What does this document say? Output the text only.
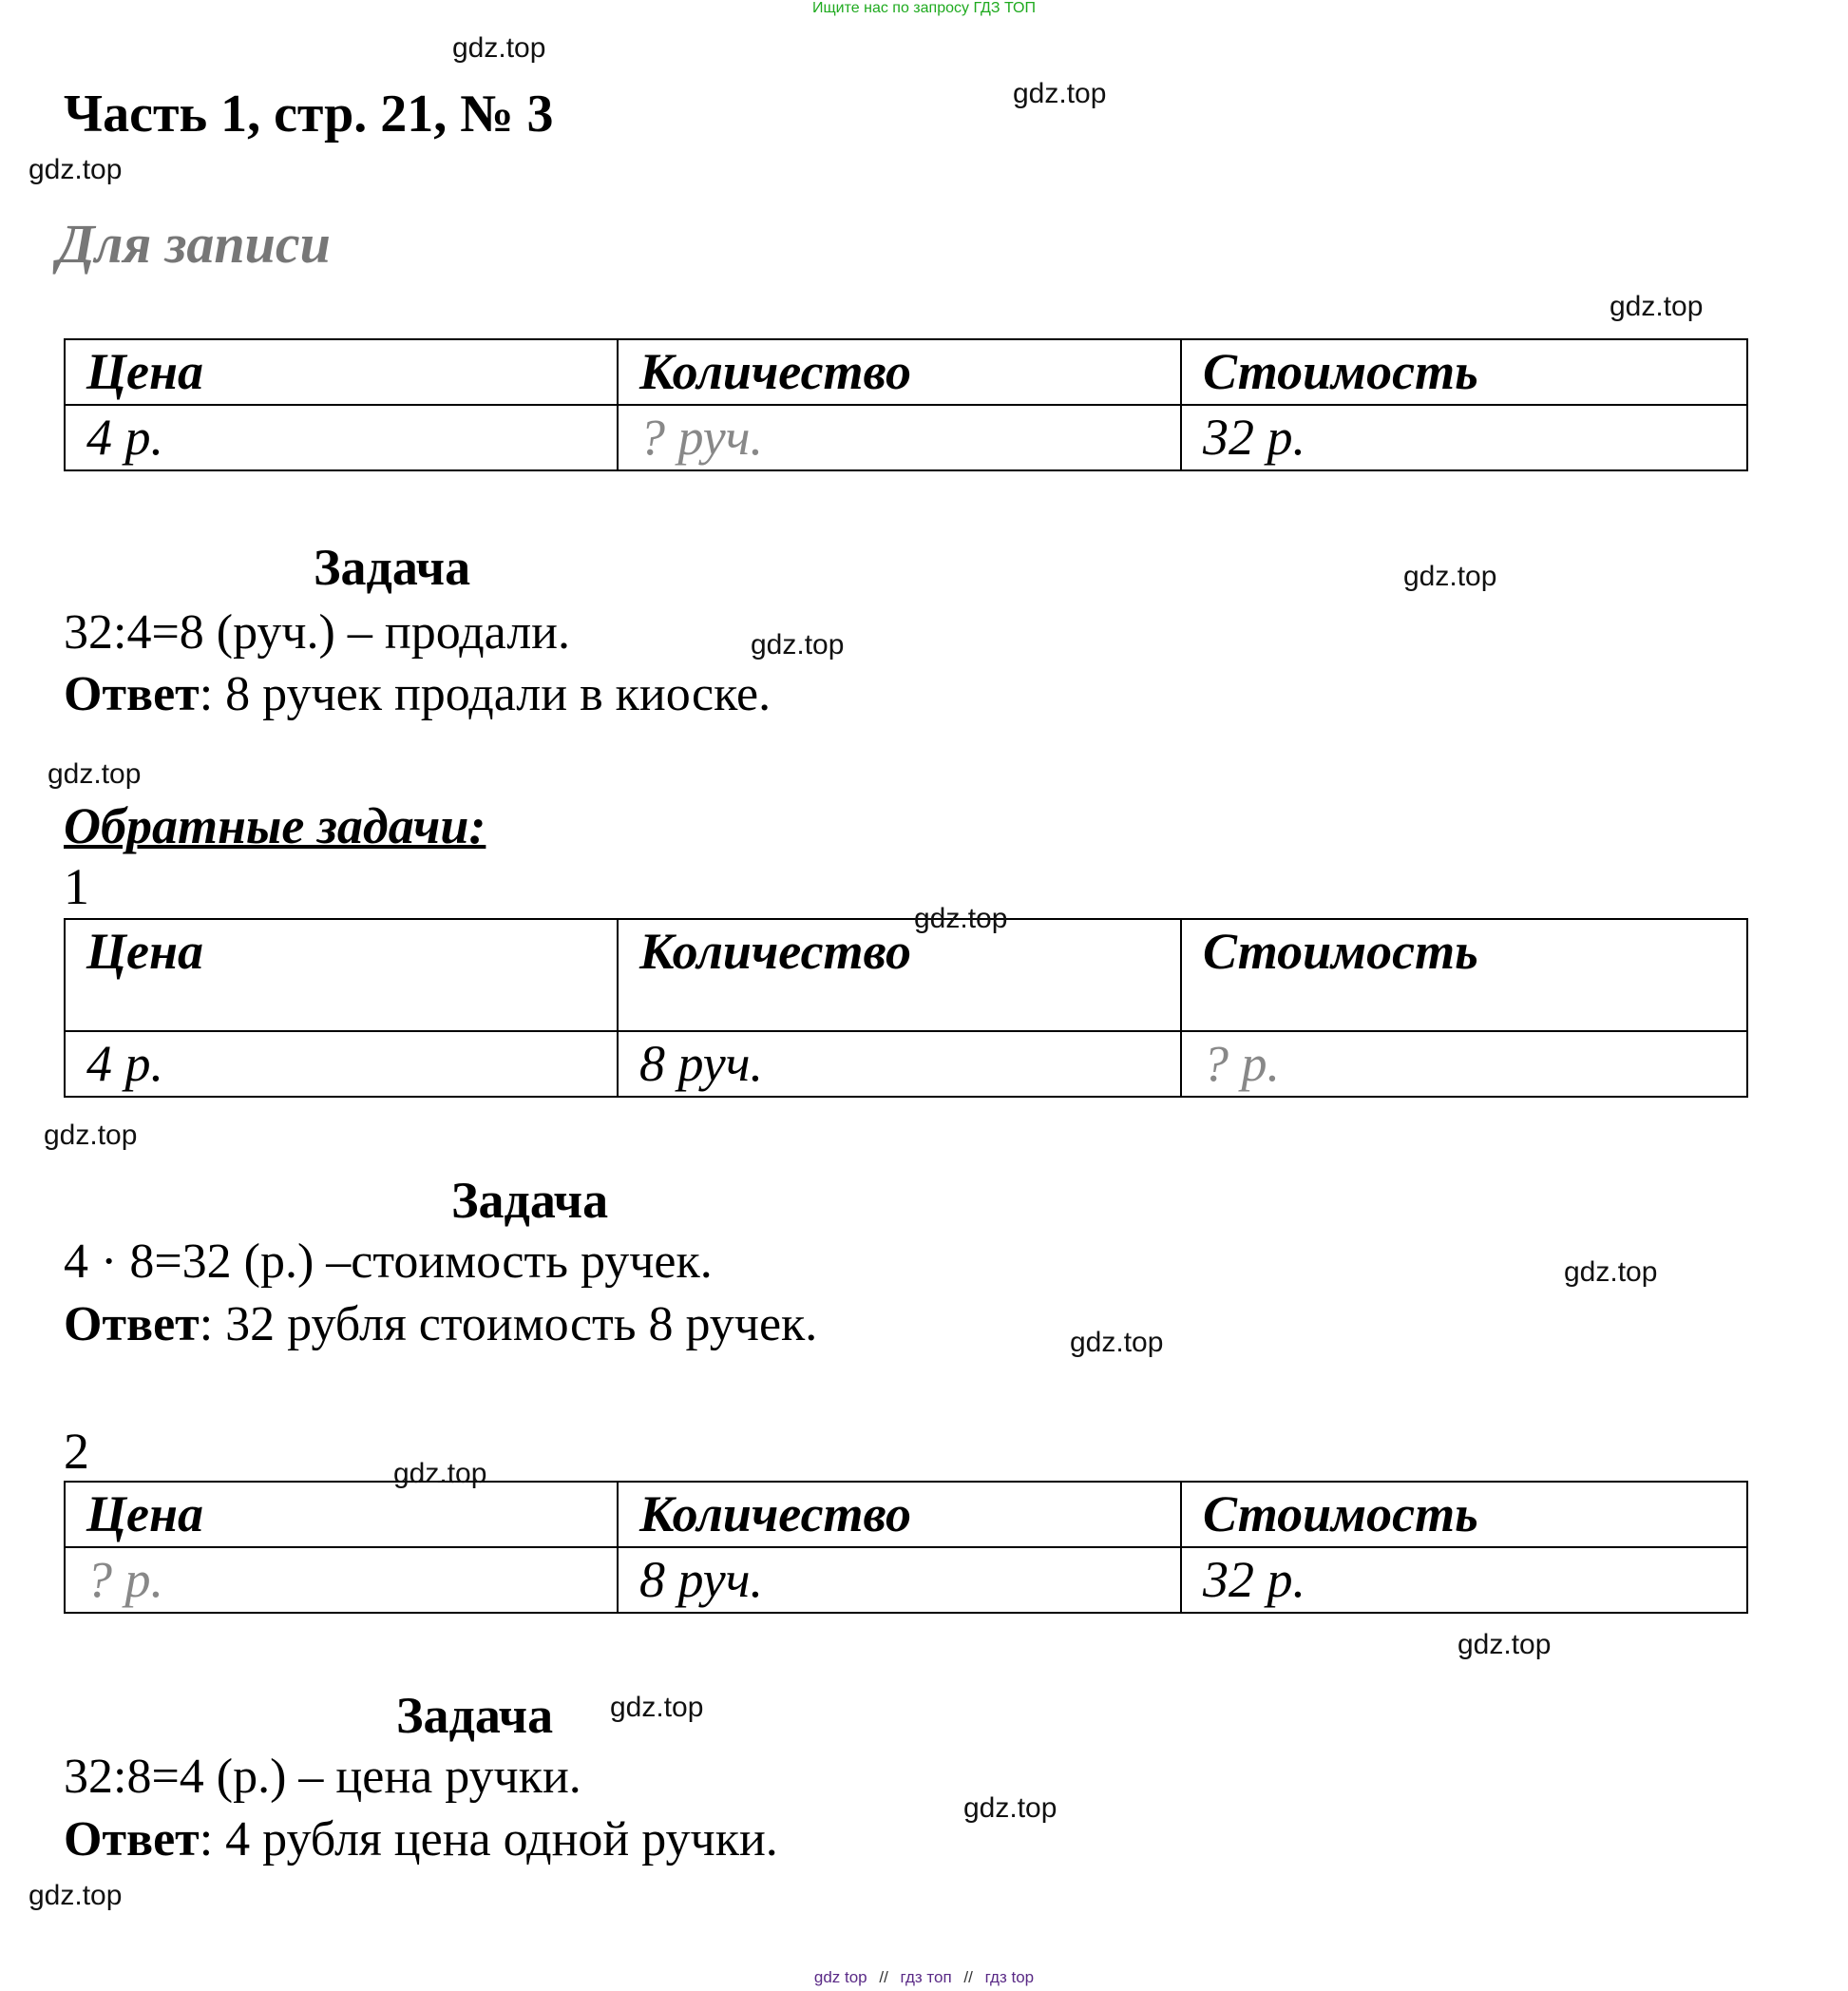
Ищите нас по запросу ГДЗ ТОП
Часть 1, стр. 21, № 3
Для записи
Цена	Количество	Стоимость
4 р.	? руч.	32 р.
Задача
32:4=8 (руч.) – продали.
Ответ: 8 ручек продали в киоске.
Обратные задачи:
1
Цена	Количество	Стоимость
4 р.	8 руч.	? р.
Задача
4 · 8=32 (р.) –стоимость ручек.
Ответ: 32 рубля стоимость 8 ручек.
2
Цена	Количество	Стоимость
? р.	8 руч.	32 р.
Задача
32:8=4 (р.) – цена ручки.
Ответ: 4 рубля цена одной ручки.
gdz.top
gdz.top
gdz.top
gdz.top
gdz.top
gdz.top
gdz.top
gdz.top
gdz.top
gdz.top
gdz.top
gdz.top
gdz.top
gdz.top
gdz.top
gdz.top
gdz top // гдз топ // гдз top
